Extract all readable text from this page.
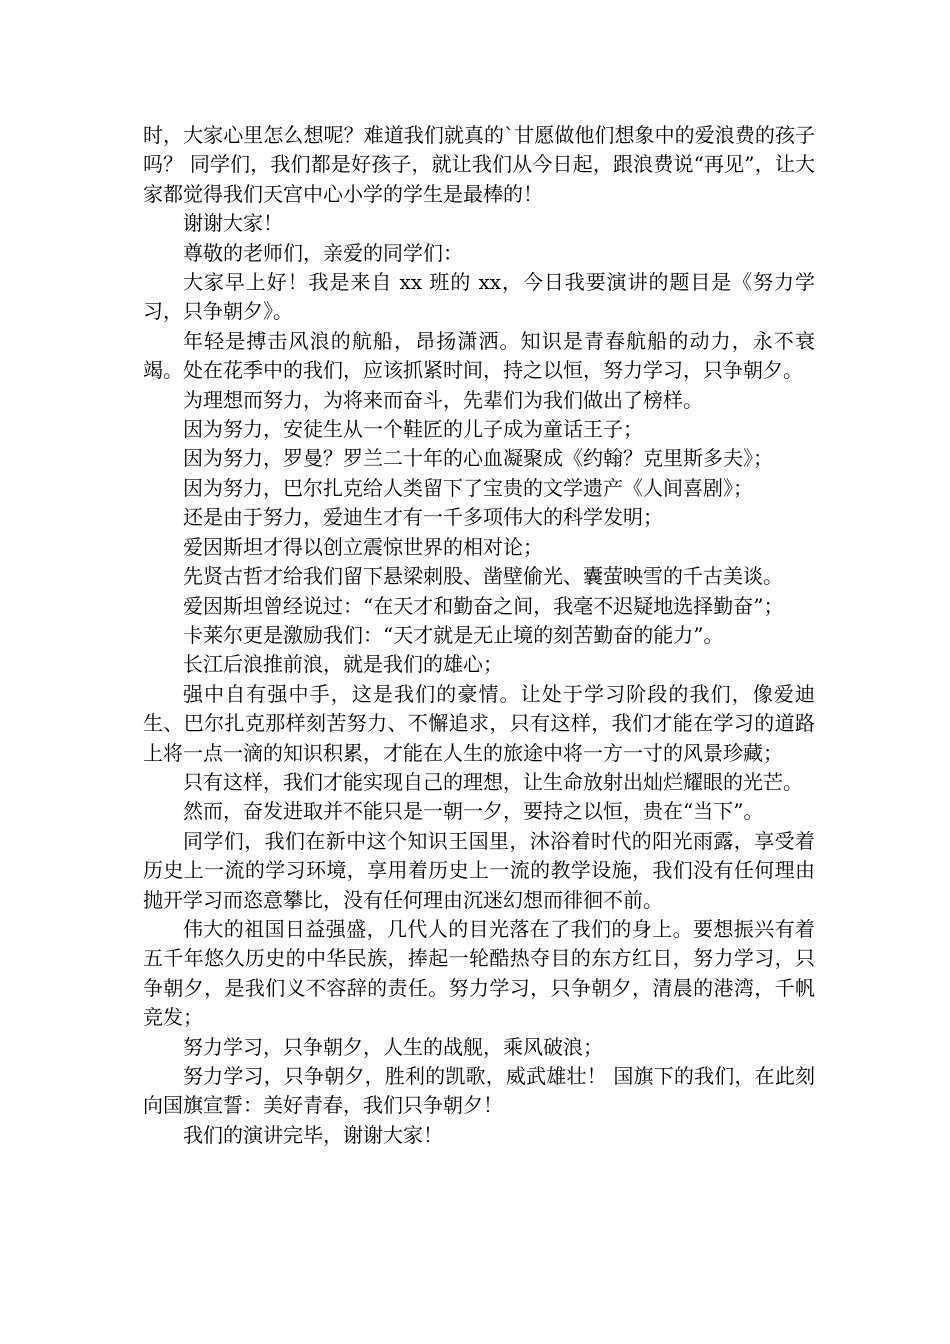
时，大家心里怎么想呢？难道我们就真的`甘愿做他们想象中的爱浪费的孩子吗？ 同学们，我们都是好孩子，就让我们从今日起，跟浪费说“再见”，让大家都觉得我们天宫中心小学的学生是最棒的！

谢谢大家！

尊敬的老师们，亲爱的同学们：

大家早上好！我是来自 xx 班的 xx，今日我要演讲的题目是《努力学习，只争朝夕》。

年轻是搏击风浪的航船，昂扬潇洒。知识是青春航船的动力，永不衰竭。处在花季中的我们，应该抓紧时间，持之以恒，努力学习，只争朝夕。

为理想而努力，为将来而奋斗，先辈们为我们做出了榜样。

因为努力，安徒生从一个鞋匠的儿子成为童话王子；

因为努力，罗曼？罗兰二十年的心血凝聚成《约翰？克里斯多夫》；

因为努力，巴尔扎克给人类留下了宝贵的文学遗产《人间喜剧》；

还是由于努力，爱迪生才有一千多项伟大的科学发明；

爱因斯坦才得以创立震惊世界的相对论；

先贤古哲才给我们留下悬梁刺股、凿壁偷光、囊萤映雪的千古美谈。

爱因斯坦曾经说过：“在天才和勤奋之间，我毫不迟疑地选择勤奋”；

卡莱尔更是激励我们：“天才就是无止境的刻苦勤奋的能力”。

长江后浪推前浪，就是我们的雄心；

强中自有强中手，这是我们的豪情。让处于学习阶段的我们，像爱迪生、巴尔扎克那样刻苦努力、不懈追求，只有这样，我们才能在学习的道路上将一点一滴的知识积累，才能在人生的旅途中将一方一寸的风景珍藏；

只有这样，我们才能实现自己的理想，让生命放射出灿烂耀眼的光芒。

然而，奋发进取并不能只是一朝一夕，要持之以恒，贵在“当下”。

同学们，我们在新中这个知识王国里，沐浴着时代的阳光雨露，享受着历史上一流的学习环境，享用着历史上一流的教学设施，我们没有任何理由抛开学习而恣意攀比，没有任何理由沉迷幻想而徘徊不前。

伟大的祖国日益强盛，几代人的目光落在了我们的身上。要想振兴有着五千年悠久历史的中华民族，捧起一轮酷热夺目的东方红日，努力学习，只争朝夕，是我们义不容辞的责任。努力学习，只争朝夕，清晨的港湾，千帆竞发；

努力学习，只争朝夕，人生的战舰，乘风破浪；

努力学习，只争朝夕，胜利的凯歌，威武雄壮！ 国旗下的我们，在此刻向国旗宣誓：美好青春，我们只争朝夕！

我们的演讲完毕，谢谢大家！
